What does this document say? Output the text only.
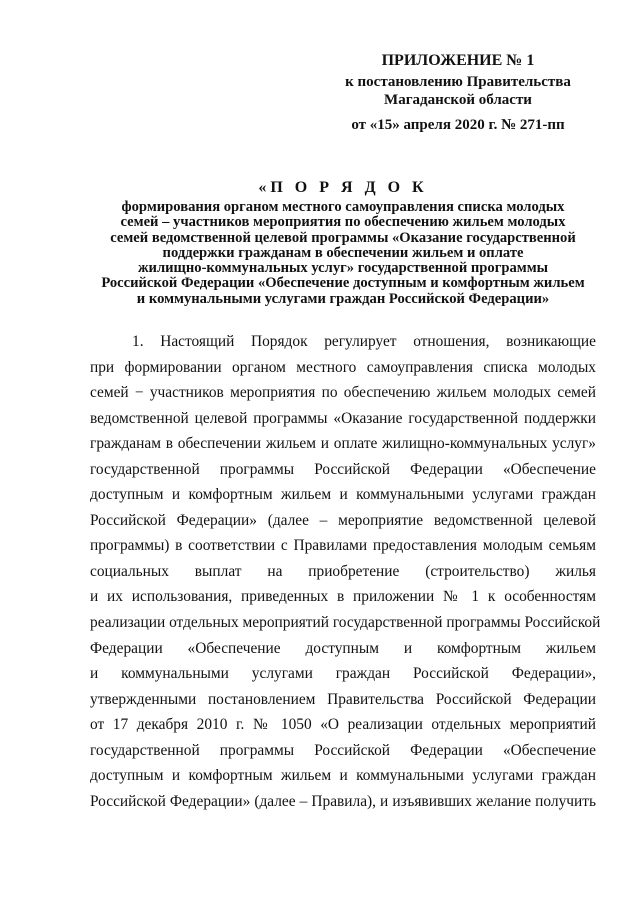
ПРИЛОЖЕНИЕ № 1
к постановлению Правительства
Магаданской области
от «15» апреля 2020 г. № 271-пп
«П О Р Я Д О К
формирования органом местного самоуправления списка молодых
семей – участников мероприятия по обеспечению жильем молодых
семей ведомственной целевой программы «Оказание государственной
поддержки гражданам в обеспечении жильем и оплате
жилищно-коммунальных услуг» государственной программы
Российской Федерации «Обеспечение доступным и комфортным жильем
и коммунальными услугами граждан Российской Федерации»
1. Настоящий Порядок регулирует отношения, возникающие
при формировании органом местного самоуправления списка молодых
семей − участников мероприятия по обеспечению жильем молодых семей
ведомственной целевой программы «Оказание государственной поддержки
гражданам в обеспечении жильем и оплате жилищно-коммунальных услуг»
государственной программы Российской Федерации «Обеспечение
доступным и комфортным жильем и коммунальными услугами граждан
Российской Федерации» (далее – мероприятие ведомственной целевой
программы) в соответствии с Правилами предоставления молодым семьям
социальных выплат на приобретение (строительство) жилья
и их использования, приведенных в приложении № 1 к особенностям
реализации отдельных мероприятий государственной программы Российской
Федерации «Обеспечение доступным и комфортным жильем
и коммунальными услугами граждан Российской Федерации»,
утвержденными постановлением Правительства Российской Федерации
от 17 декабря 2010 г. № 1050 «О реализации отдельных мероприятий
государственной программы Российской Федерации «Обеспечение
доступным и комфортным жильем и коммунальными услугами граждан
Российской Федерации» (далее – Правила), и изъявивших желание получить
